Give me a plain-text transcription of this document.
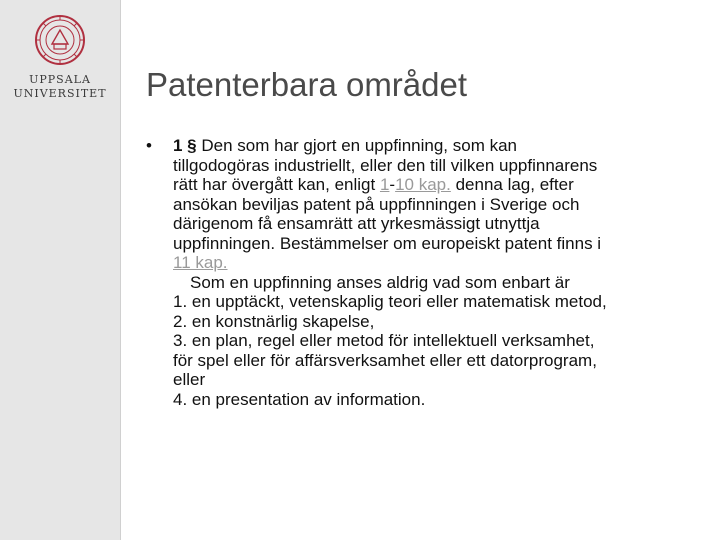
UPPSALA
UNIVERSITET	Patenterbara området
• 1 § Den som har gjort en uppfinning, som kan
tillgodogöras industriellt, eller den till vilken uppfinnarens
rätt har övergått kan, enligt 1-10 kap. denna lag, efter
ansökan beviljas patent på uppfinningen i Sverige och
därigenom få ensamrätt att yrkesmässigt utnyttja
uppfinningen. Bestämmelser om europeiskt patent finns i
11 kap.
Som en uppfinning anses aldrig vad som enbart är
1. en upptäckt, vetenskaplig teori eller matematisk metod,
2. en konstnärlig skapelse,
3. en plan, regel eller metod för intellektuell verksamhet,
för spel eller för affärsverksamhet eller ett datorprogram,
eller
4. en presentation av information.
